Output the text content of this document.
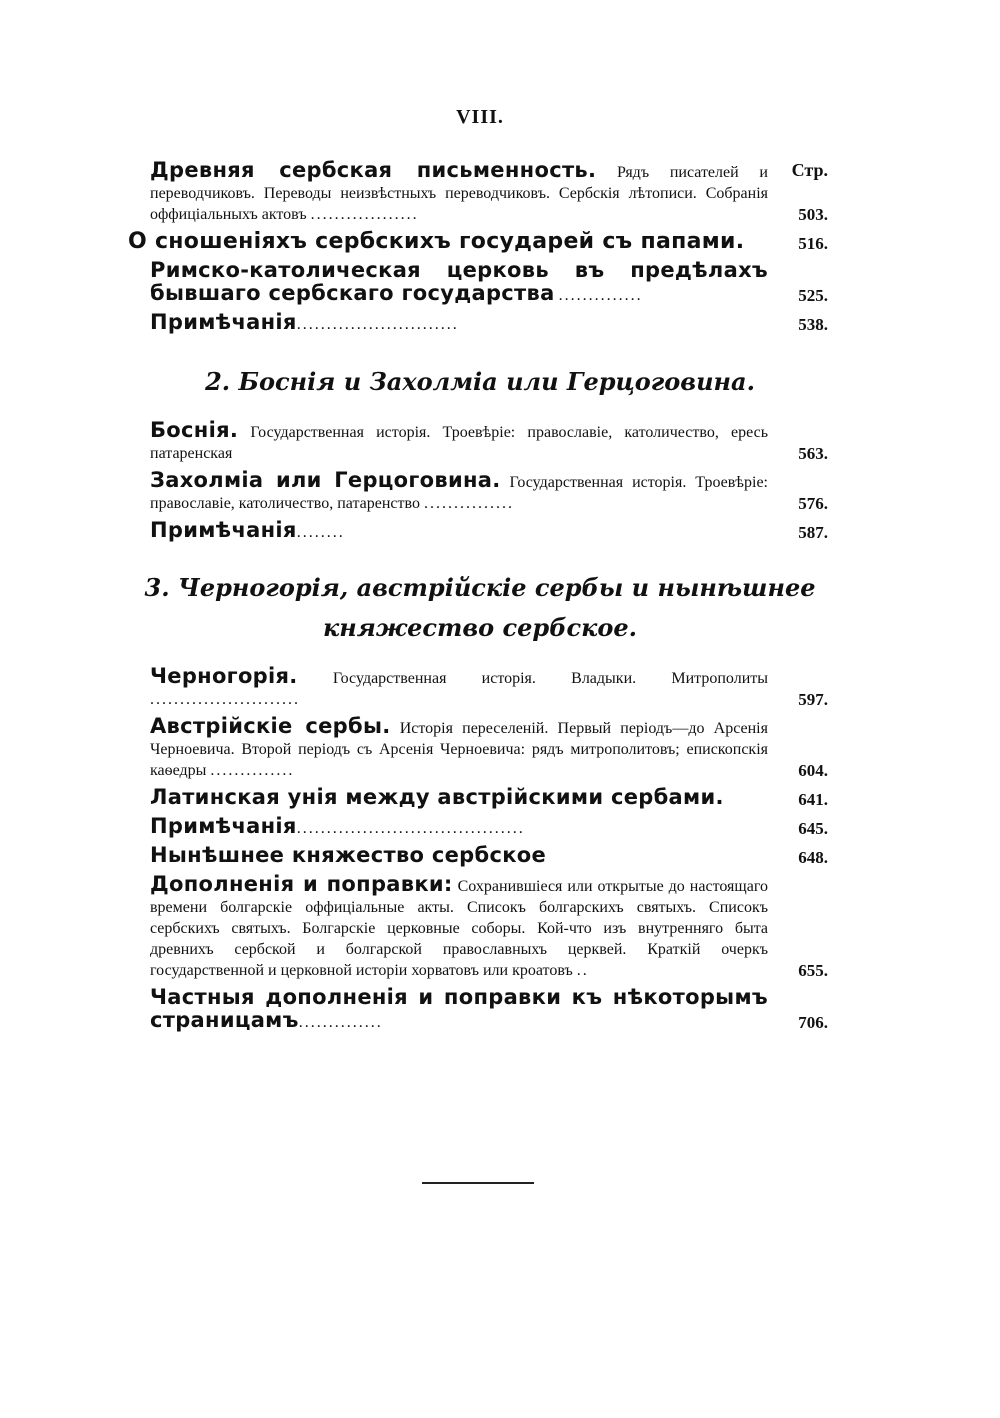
VIII.
Стр.

Древняя сербская письменность. Рядъ писателей и переводчиковъ. Переводы неизвѣстныхъ переводчиковъ. Сербскія лѣтописи. Собранія оффиціальныхъ актовъ ..................	503.

О сношеніяхъ сербскихъ государей съ папами.	516.

Римско-католическая церковь въ предѣлахъ бывшаго сербскаго государства ..............	525.

Примѣчанія...........................	538.
2. Боснія и Захолміа или Герцоговина.

Боснія. Государственная исторія. Троевѣріе: православіе, католичество, ересь патаренская	563.

Захолміа или Герцоговина. Государственная исторія. Троевѣріе: православіе, католичество, патаренство ...............	576.

Примѣчанія........	587.
3. Черногорія, австрійскіе сербы и нынѣшнее княжество сербское.

Черногорія. Государственная исторія. Владыки. Митрополиты .........................	597.

Австрійскіе сербы. Исторія переселеній. Первый періодъ—до Арсенія Черноевича. Второй періодъ съ Арсенія Черноевича: рядъ митрополитовъ; епископскія каѳедры ..............	604.

Латинская унія между австрійскими сербами.	641.

Примѣчанія......................................	645.

Нынѣшнее княжество сербское	648.

Дополненія и поправки: Сохранившіеся или открытые до настоящаго времени болгарскіе оффиціальные акты. Списокъ болгарскихъ святыхъ. Списокъ сербскихъ святыхъ. Болгарскіе церковные соборы. Кой-что изъ внутренняго быта древнихъ сербской и болгарской православныхъ церквей. Краткій очеркъ государственной и церковной исторіи хорватовъ или кроатовъ ..	655.

Частныя дополненія и поправки къ нѣкоторымъ страницамъ..............	706.
